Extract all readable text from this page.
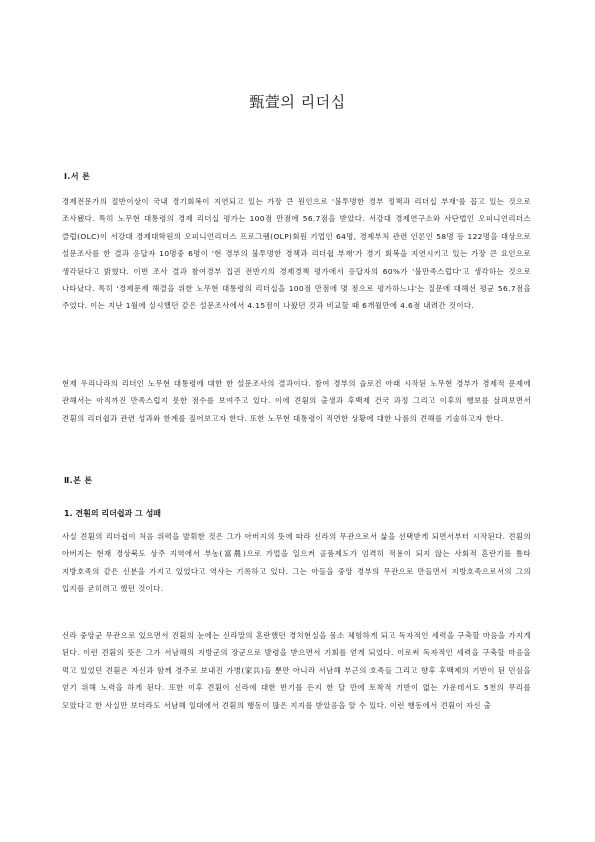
甄萱의 리더십
Ⅰ.서 론
경제전문가의 절반이상이 국내 경기회복이 지연되고 있는 가장 큰 원인으로 '불투명한 경부 정책과 리더십 부재'를 꼽고 있는 것으로 조사됐다. 특히 노무현 대통령의 경제 리더십 평가는 100점 만점에 56.7점을 받았다. 서강대 경제연구소와 사단법인 오피니언리더스 클럽(OLC)이 서강대 경제대학원의 오피니언리더스 프로그램(OLP)회원 기업인 64명, 경제부처 관련 인론인 58명 등 122명을 대상으로 설문조사를 한 결과 응답자 10명중 6명이 '현 경부의 불투명한 경책과 리더쉽 부재'가 경기 회복을 지연시키고 있는 가장 큰 요인으로 생각된다고 밝혔다. 이번 조사 결과 참여경부 집권 전반기의 경제경책 평가에서 응답자의 60%가 '불만족스럽다'고 생각하는 것으로 나타났다. 특히 '경제문제 해결을 위한 노무현 대통령의 리더십을 100점 만점에 몇 점으로 평가하느냐'는 질문에 대해선 평균 56.7점을 주었다. 이는 지난 1월에 실시했던 같은 설문조사에서 4.15점이 나왔던 것과 비교할 때 6개월만에 4.6점 내려간 것이다.
현재 우리나라의 리더인 노무현 대통령에 대한 한 설문조사의 결과이다. 참여 경부의 슬로건 아래 시작된 노무현 경부가 경제적 문제에 관해서는 아직까진 만족스럽지 못한 점수를 보여주고 있다. 이에 견훤의 출생과 후백제 건국 과정 그리고 이후의 행보를 살펴보면서 견훤의 리더쉽과 관련 성과와 한계를 짚어보고자 한다. 또한 노무현 대통령이 직면한 상황에 대한 나름의 견해를 기술하고자 한다.
Ⅱ.본 론
1. 견훤의 리더쉽과 그 성패
사실 견훤의 리더쉽이 처음 위력을 발휘한 것은 그가 아버지의 뜻에 따라 신라의 무관으로서 삶을 선택받게 되면서부터 시작된다. 견훤의 아버지는 현재 경상북도 상주 지역에서 부농(富農)으로 가업을 일으켜 골품제도가 엄격히 적용이 되지 않는 사회적 혼란기를 틈타 지방호족의 같은 신분을 가지고 있었다고 역사는 기록하고 있다. 그는 아들을 중앙 경부의 무관으로 만들면서 지방호족으로서의 그의 입지를 굳히려고 했던 것이다.
신라 중앙군 무관으로 있으면서 견훤의 눈에는 신라말의 혼란했던 경치현실을 몸소 체험하게 되고 독자적인 세력을 구축할 마음을 가지게 된다. 이런 견훤의 뜻은 그가 서남해의 지방군의 장군으로 발령을 받으면서 기회를 얻게 되었다. 이로써 독자적인 세력을 구축할 마음을 먹고 있었던 견훤은 자신과 함께 경주로 보내진 가병(家兵)들 뿐만 아니라 서남해 부근의 호족들 그리고 향후 후백제의 기반이 된 민심을 얻기 위해 노력을 하게 된다. 또한 이후 견훤이 신라에 대한 반기를 든지 한 달 만에 토착적 기반이 없는 가운데서도 5천의 무리를 모았다고 한 사실만 보더라도 서남해 일대에서 견훤의 행동이 많은 지지를 받았음을 알 수 있다. 이런 행동에서 견훤이 자신 출
